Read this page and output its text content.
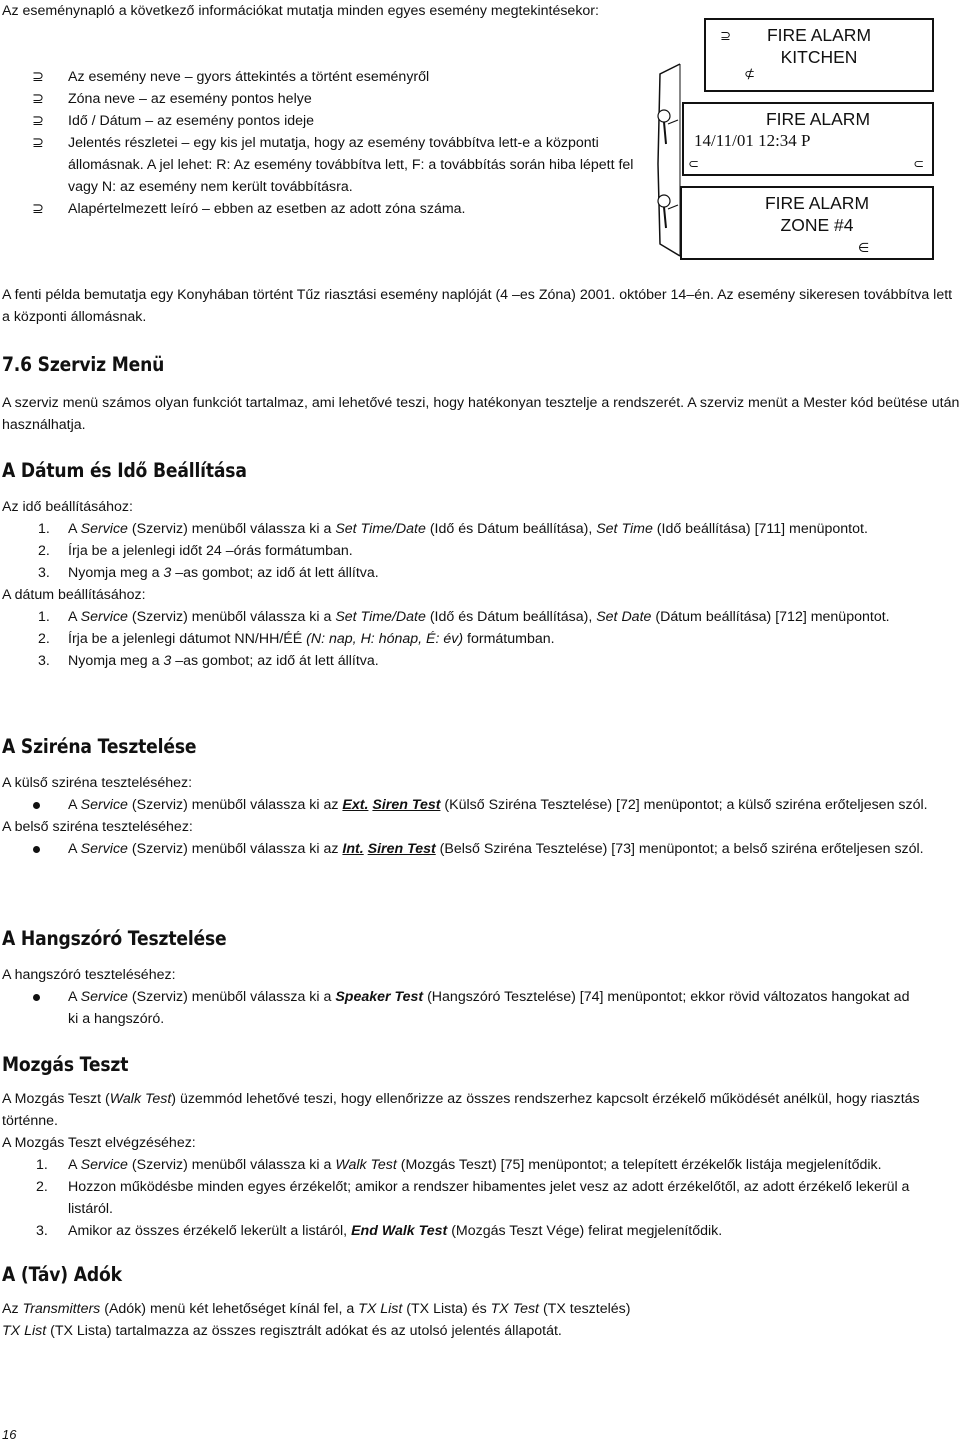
Az eseménynapló a következő információkat mutatja minden egyes esemény megtekintésekor:
⊇	Az esemény neve – gyors áttekintés a történt eseményről
⊇	Zóna neve – az esemény pontos helye
⊇	Idő / Dátum – az esemény pontos ideje
⊇	Jelentés részletei – egy kis jel mutatja, hogy az esemény továbbítva lett-e a központi állomásnak. A jel lehet: R: Az esemény továbbítva lett, F: a továbbítás során hiba lépett fel vagy N: az esemény nem került továbbításra.
⊇	Alapértelmezett leíró – ebben az esetben az adott zóna száma.
⊇	FIRE ALARM
KITCHEN
⊄
FIRE ALARM
14/11/01 12:34 P
⊂	⊂
FIRE ALARM
ZONE #4
∈
A fenti példa bemutatja egy Konyhában történt Tűz riasztási esemény naplóját (4 –es Zóna) 2001. október 14–én. Az esemény sikeresen továbbítva lett a központi állomásnak.
7.6 Szerviz Menü
A szerviz menü számos olyan funkciót tartalmaz, ami lehetővé teszi, hogy hatékonyan tesztelje a rendszerét. A szerviz menüt a Mester kód beütése után használhatja.
A Dátum és Idő Beállítása
Az idő beállításához:
1. A Service (Szerviz) menüből válassza ki a Set Time/Date (Idő és Dátum beállítása), Set Time (Idő beállítása) [711] menüpontot.
2. Írja be a jelenlegi időt 24 –órás formátumban.
3. Nyomja meg a 3 –as gombot; az idő át lett állítva.
A dátum beállításához:
1. A Service (Szerviz) menüből válassza ki a Set Time/Date (Idő és Dátum beállítása), Set Date (Dátum beállítása) [712] menüpontot.
2. Írja be a jelenlegi dátumot NN/HH/ÉÉ (N: nap, H: hónap, É: év) formátumban.
3. Nyomja meg a 3 –as gombot; az idő át lett állítva.
A Sziréna Tesztelése
A külső sziréna teszteléséhez:
A Service (Szerviz) menüből válassza ki az Ext. Siren Test (Külső Sziréna Tesztelése) [72] menüpontot; a külső sziréna erőteljesen szól.
A belső sziréna teszteléséhez:
A Service (Szerviz) menüből válassza ki az Int. Siren Test (Belső Sziréna Tesztelése) [73] menüpontot; a belső sziréna erőteljesen szól.
A Hangszóró Tesztelése
A hangszóró teszteléséhez:
A Service (Szerviz) menüből válassza ki a Speaker Test (Hangszóró Tesztelése) [74] menüpontot; ekkor rövid változatos hangokat ad ki a hangszóró.
Mozgás Teszt
A Mozgás Teszt (Walk Test) üzemmód lehetővé teszi, hogy ellenőrizze az összes rendszerhez kapcsolt érzékelő működését anélkül, hogy riasztás történne.
A Mozgás Teszt elvégzéséhez:
1. A Service (Szerviz) menüből válassza ki a Walk Test (Mozgás Teszt) [75] menüpontot; a telepített érzékelők listája megjelenítődik.
2. Hozzon működésbe minden egyes érzékelőt; amikor a rendszer hibamentes jelet vesz az adott érzékelőtől, az adott érzékelő lekerül a listáról.
3. Amikor az összes érzékelő lekerült a listáról, End Walk Test (Mozgás Teszt Vége) felirat megjelenítődik.
A (Táv) Adók
Az Transmitters (Adók) menü két lehetőséget kínál fel, a TX List (TX Lista) és TX Test (TX tesztelés)
TX List (TX Lista) tartalmazza az összes regisztrált adókat és az utolsó jelentés állapotát.
16
